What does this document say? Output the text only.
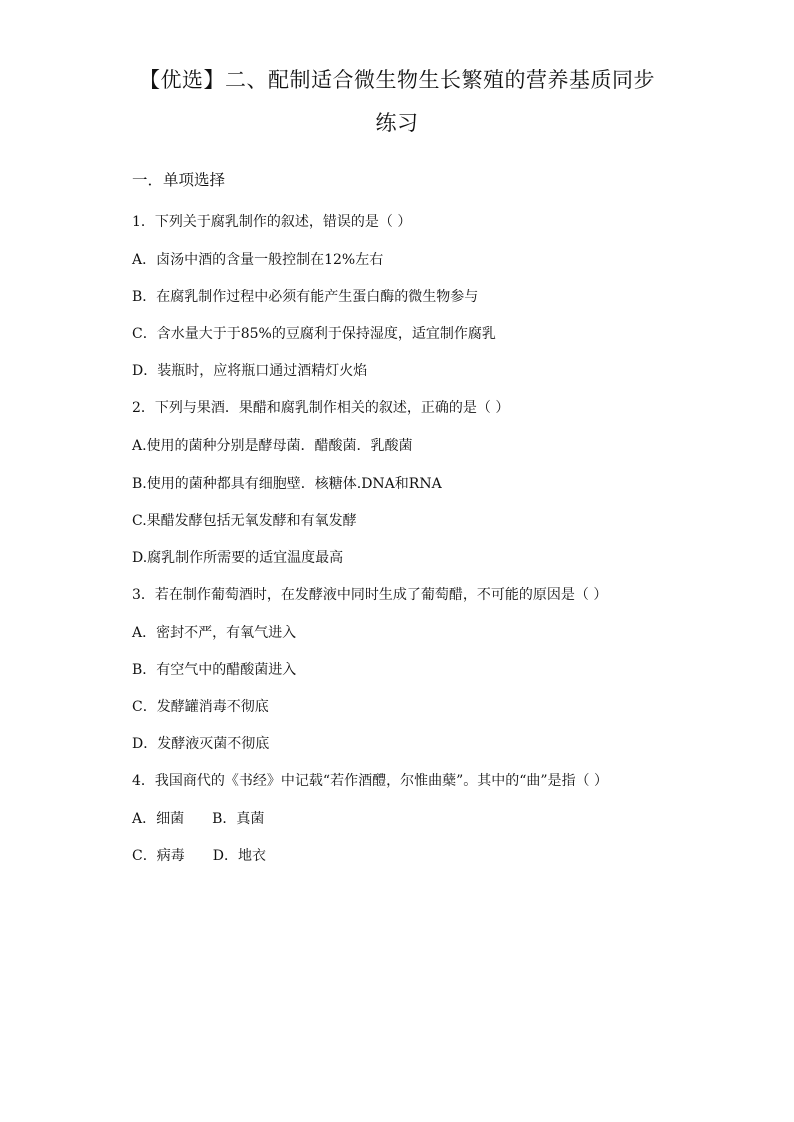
【优选】二、配制适合微生物生长繁殖的营养基质同步
练习
一．单项选择
1．下列关于腐乳制作的叙述，错误的是（ ）
A．卤汤中酒的含量一般控制在12%左右
B．在腐乳制作过程中必须有能产生蛋白酶的微生物参与
C．含水量大于于85%的豆腐利于保持湿度，适宜制作腐乳
D．装瓶时，应将瓶口通过酒精灯火焰
2．下列与果酒．果醋和腐乳制作相关的叙述，正确的是（ ）
A.使用的菌种分别是酵母菌．醋酸菌．乳酸菌
B.使用的菌种都具有细胞壁．核糖体.DNA和RNA
C.果醋发酵包括无氧发酵和有氧发酵
D.腐乳制作所需要的适宜温度最高
3．若在制作葡萄酒时，在发酵液中同时生成了葡萄醋，不可能的原因是（ ）
A．密封不严，有氧气进入
B．有空气中的醋酸菌进入
C．发酵罐消毒不彻底
D．发酵液灭菌不彻底
4．我国商代的《书经》中记载“若作酒醴，尔惟曲蘖”。其中的“曲”是指（ ）
A．细菌 B．真菌
C．病毒 D．地衣
